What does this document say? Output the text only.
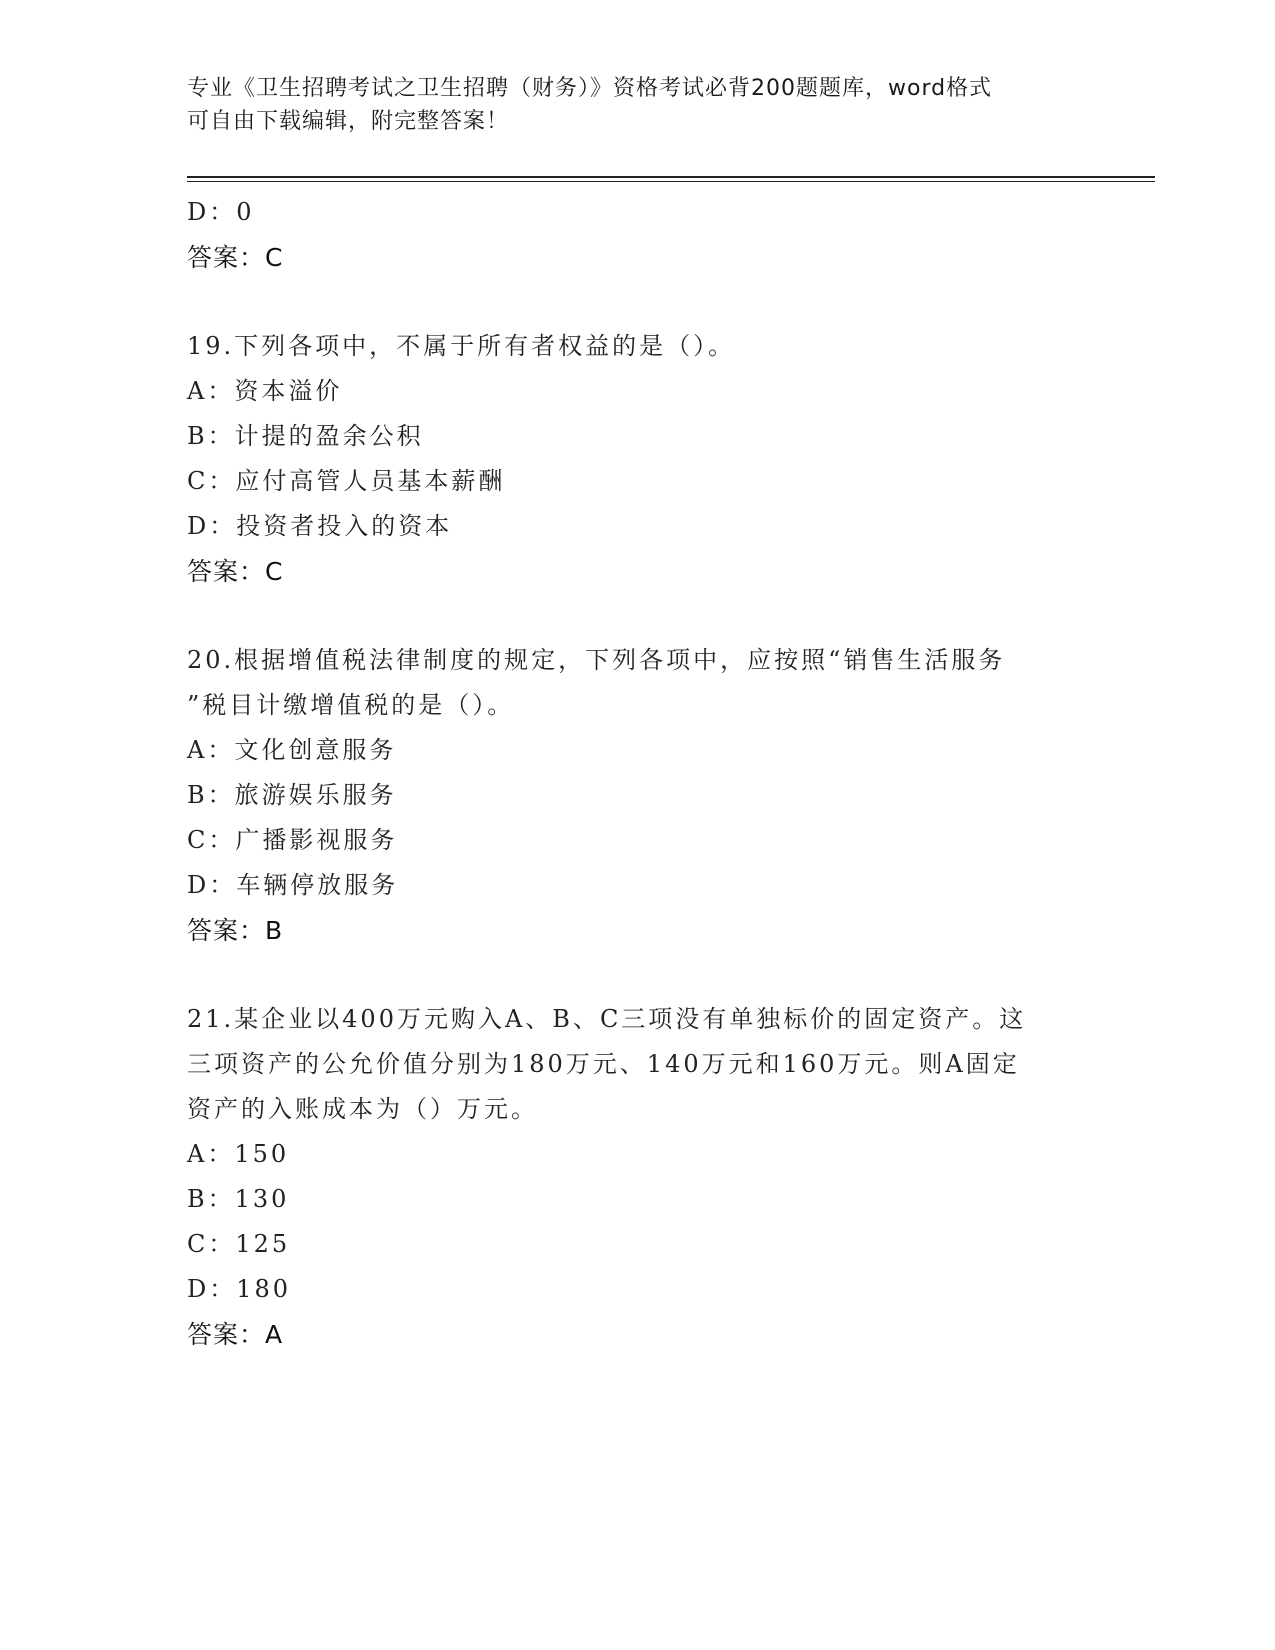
专业《卫生招聘考试之卫生招聘（财务）》资格考试必背200题题库，word格式
可自由下载编辑，附完整答案！
D：0
答案：C
19.下列各项中，不属于所有者权益的是（）。
A：资本溢价
B：计提的盈余公积
C：应付高管人员基本薪酬
D：投资者投入的资本
答案：C
20.根据增值税法律制度的规定，下列各项中，应按照“销售生活服务
”税目计缴增值税的是（）。
A：文化创意服务
B：旅游娱乐服务
C：广播影视服务
D：车辆停放服务
答案：B
21.某企业以400万元购入A、B、C三项没有单独标价的固定资产。这
三项资产的公允价值分别为180万元、140万元和160万元。则A固定
资产的入账成本为（）万元。
A：150
B：130
C：125
D：180
答案：A
